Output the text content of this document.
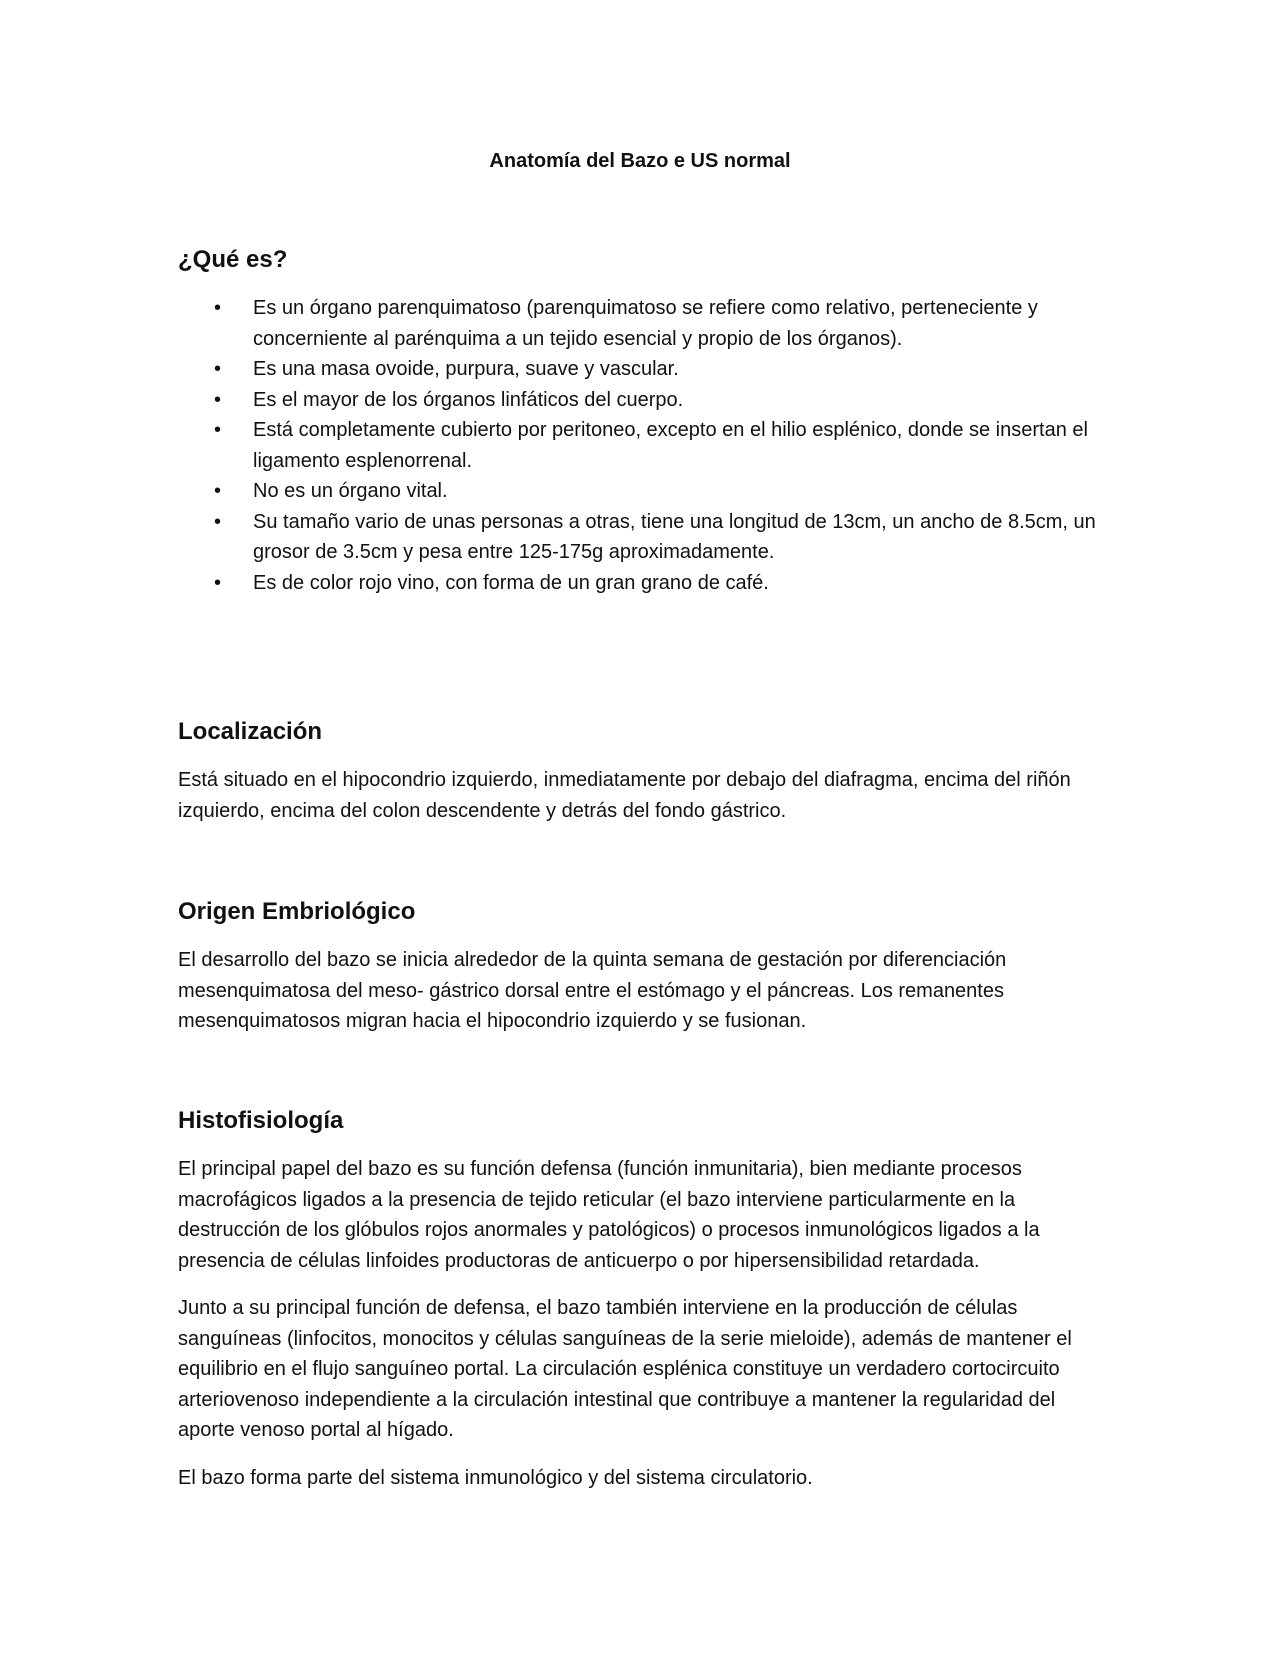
Anatomía del Bazo e US normal
¿Qué es?
• Es un órgano parenquimatoso (parenquimatoso se refiere como relativo, perteneciente y concerniente al parénquima a un tejido esencial y propio de los órganos).
• Es una masa ovoide, purpura, suave y vascular.
• Es el mayor de los órganos linfáticos del cuerpo.
• Está completamente cubierto por peritoneo, excepto en el hilio esplénico, donde se insertan el ligamento esplenorrenal.
• No es un órgano vital.
• Su tamaño vario de unas personas a otras, tiene una longitud de 13cm, un ancho de 8.5cm, un grosor de 3.5cm y pesa entre 125-175g aproximadamente.
• Es de color rojo vino, con forma de un gran grano de café.
Localización

Está situado en el hipocondrio izquierdo, inmediatamente por debajo del diafragma, encima del riñón izquierdo, encima del colon descendente y detrás del fondo gástrico.

Origen Embriológico

El desarrollo del bazo se inicia alrededor de la quinta semana de gestación por diferenciación mesenquimatosa del meso- gástrico dorsal entre el estómago y el páncreas. Los remanentes mesenquimatosos migran hacia el hipocondrio izquierdo y se fusionan.

Histofisiología

El principal papel del bazo es su función defensa (función inmunitaria), bien mediante procesos macrofágicos ligados a la presencia de tejido reticular (el bazo interviene particularmente en la destrucción de los glóbulos rojos anormales y patológicos) o procesos inmunológicos ligados a la presencia de células linfoides productoras de anticuerpo o por hipersensibilidad retardada.

Junto a su principal función de defensa, el bazo también interviene en la producción de células sanguíneas (linfocitos, monocitos y células sanguíneas de la serie mieloide), además de mantener el equilibrio en el flujo sanguíneo portal. La circulación esplénica constituye un verdadero cortocircuito arteriovenoso independiente a la circulación intestinal que contribuye a mantener la regularidad del aporte venoso portal al hígado.

El bazo forma parte del sistema inmunológico y del sistema circulatorio.
